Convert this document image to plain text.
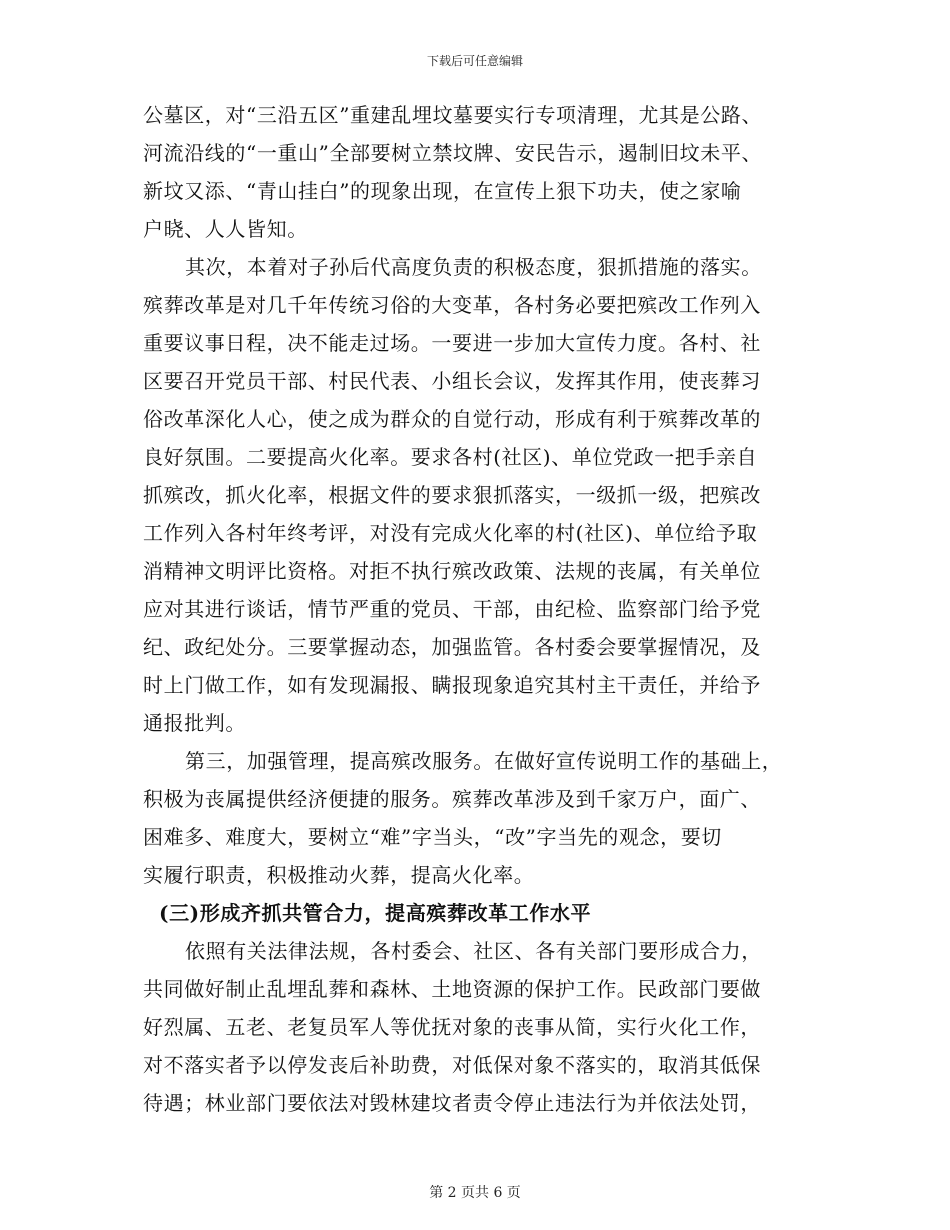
下载后可任意编辑
公墓区，对“三沿五区”重建乱埋坟墓要实行专项清理，尤其是公路、
河流沿线的“一重山”全部要树立禁坟牌、安民告示，遏制旧坟未平、
新坟又添、“青山挂白”的现象出现，在宣传上狠下功夫，使之家喻
户晓、人人皆知。
其次，本着对子孙后代高度负责的积极态度，狠抓措施的落实。
殡葬改革是对几千年传统习俗的大变革，各村务必要把殡改工作列入
重要议事日程，决不能走过场。一要进一步加大宣传力度。各村、社
区要召开党员干部、村民代表、小组长会议，发挥其作用，使丧葬习
俗改革深化人心，使之成为群众的自觉行动，形成有利于殡葬改革的
良好氛围。二要提高火化率。要求各村(社区)、单位党政一把手亲自
抓殡改，抓火化率，根据文件的要求狠抓落实，一级抓一级，把殡改
工作列入各村年终考评，对没有完成火化率的村(社区)、单位给予取
消精神文明评比资格。对拒不执行殡改政策、法规的丧属，有关单位
应对其进行谈话，情节严重的党员、干部，由纪检、监察部门给予党
纪、政纪处分。三要掌握动态，加强监管。各村委会要掌握情况，及
时上门做工作，如有发现漏报、瞒报现象追究其村主干责任，并给予
通报批判。
第三，加强管理，提高殡改服务。在做好宣传说明工作的基础上，
积极为丧属提供经济便捷的服务。殡葬改革涉及到千家万户，面广、
困难多、难度大，要树立“难”字当头，“改”字当先的观念，要切
实履行职责，积极推动火葬，提高火化率。
(三)形成齐抓共管合力，提高殡葬改革工作水平
依照有关法律法规，各村委会、社区、各有关部门要形成合力，
共同做好制止乱埋乱葬和森林、土地资源的保护工作。民政部门要做
好烈属、五老、老复员军人等优抚对象的丧事从简，实行火化工作，
对不落实者予以停发丧后补助费，对低保对象不落实的，取消其低保
待遇；林业部门要依法对毁林建坟者责令停止违法行为并依法处罚，
第 2 页共 6 页
